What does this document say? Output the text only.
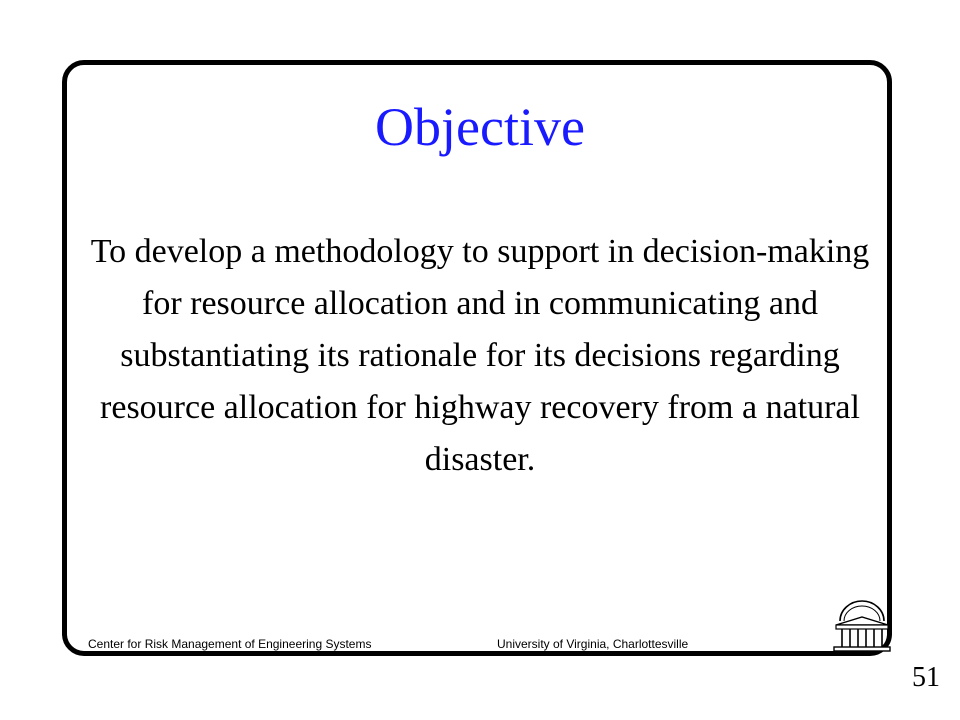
Objective

To develop a methodology to support in decision-making for resource allocation and in communicating and substantiating its rationale for its decisions regarding resource allocation for highway recovery from a natural disaster.

Center for Risk Management of Engineering Systems	University of Virginia, Charlottesville
51
